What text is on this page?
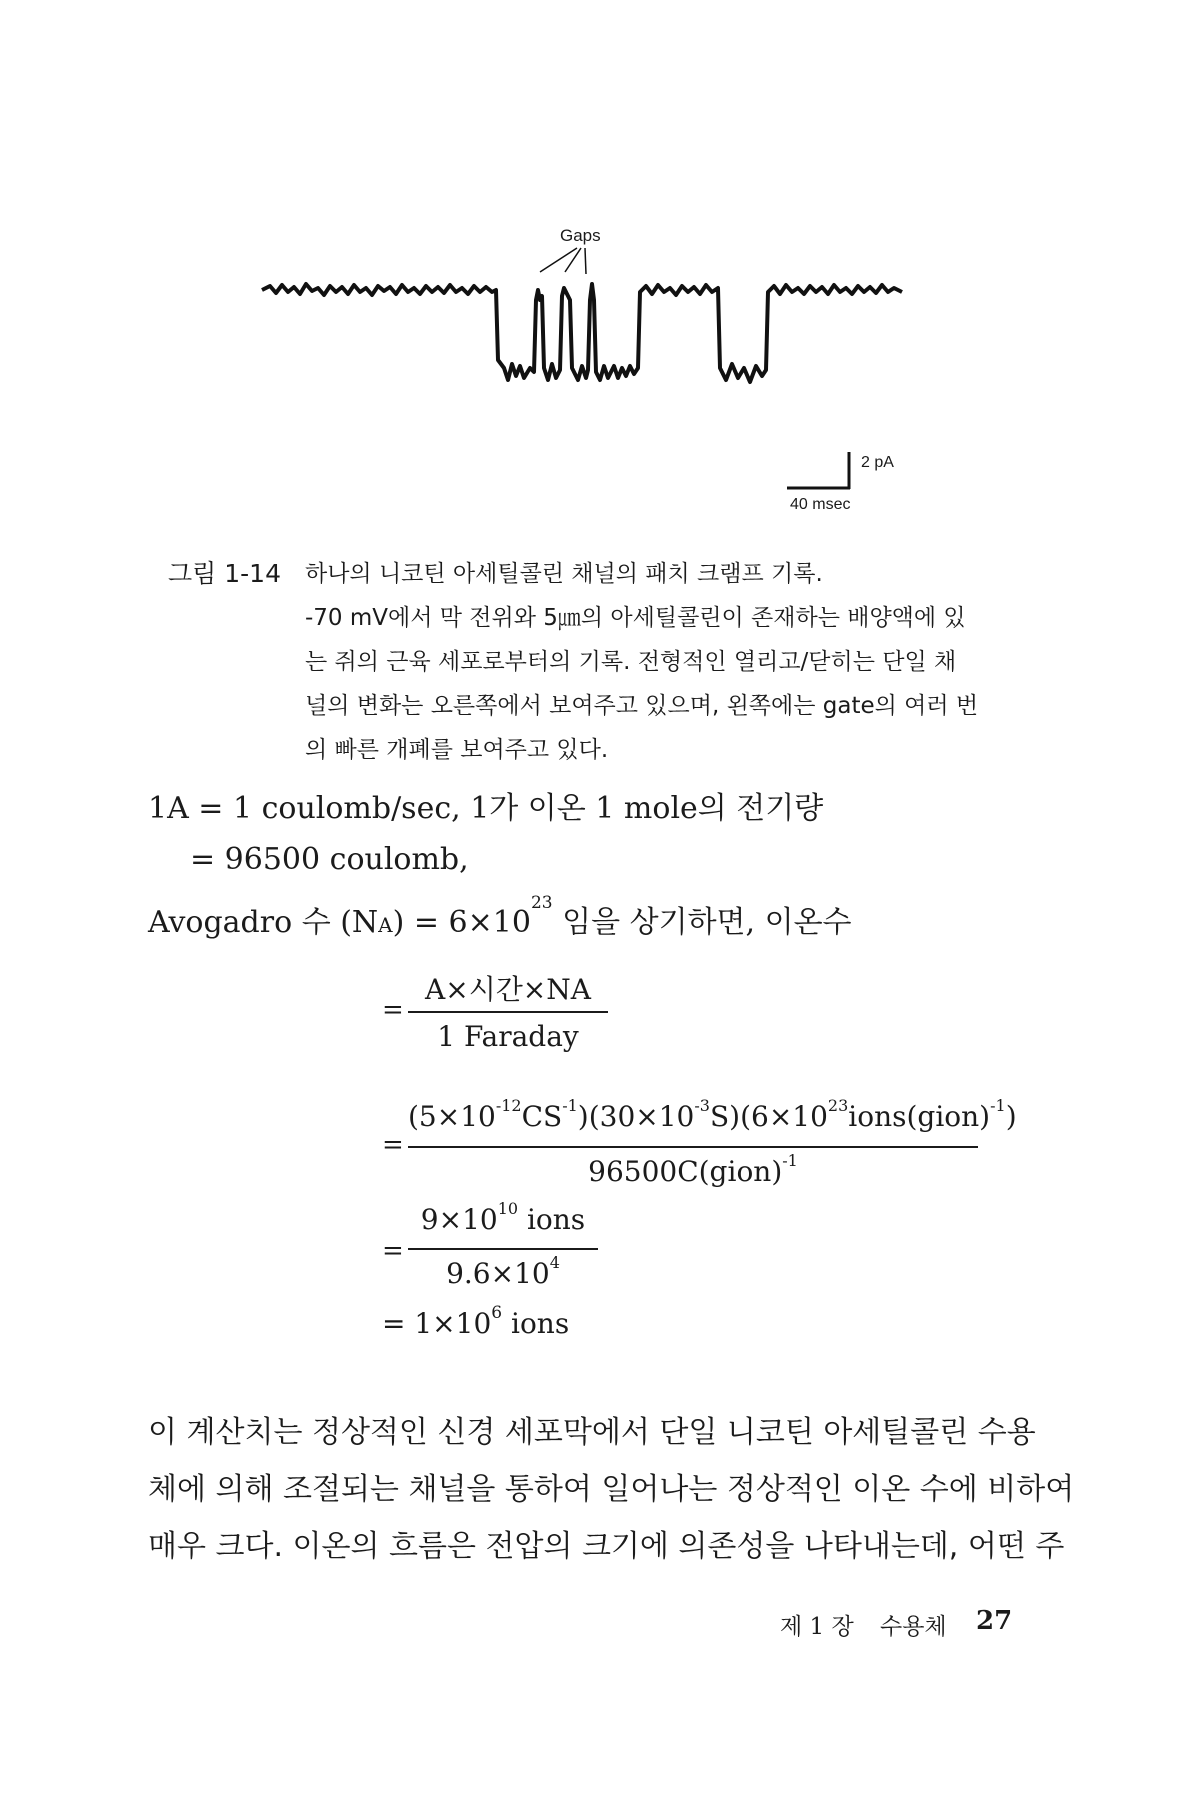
Gaps
2 pA
40 msec
그림 1-14	하나의 니코틴 아세틸콜린 채널의 패치 크램프 기록.
-70 mV에서 막 전위와 5㎛의 아세틸콜린이 존재하는 배양액에 있
는 쥐의 근육 세포로부터의 기록. 전형적인 열리고/닫히는 단일 채
널의 변화는 오른쪽에서 보여주고 있으며, 왼쪽에는 gate의 여러 번
의 빠른 개폐를 보여주고 있다.
1A = 1 coulomb/sec, 1가 이온 1 mole의 전기량
= 96500 coulomb,
Avogadro 수 $(NA) = 6\times 10^{23}$ 임을 상기하면, 이온수
=
A×시간×NA
1 Faraday
=
$(5\times 10^{-12}CS^{-1})(30\times 10^{-3}S)(6\times 10^{23}ions(gion)^{-1})$
96500C(gion)$^{-1}$
=
$9\times 10^{10}$ ions
$9.6\times 10^4$
= $1\times 10^6$ ions
이 계산치는 정상적인 신경 세포막에서 단일 니코틴 아세틸콜린 수용
체에 의해 조절되는 채널을 통하여 일어나는 정상적인 이온 수에 비하여
매우 크다. 이온의 흐름은 전압의 크기에 의존성을 나타내는데, 어떤 주
제 1 장 수용체 27
